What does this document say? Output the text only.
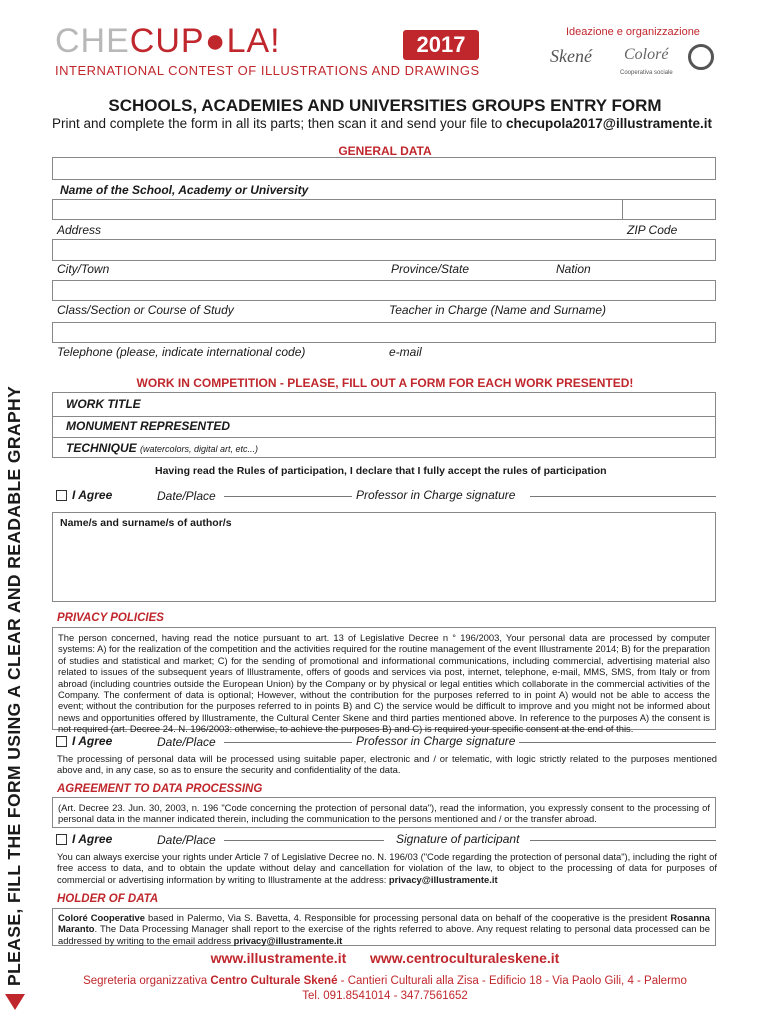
CHECUP●LA!
INTERNATIONAL CONTEST OF ILLUSTRATIONS AND DRAWINGS
2017	Ideazione e organizzazione
Skené Coloré
Cooperativa sociale
SCHOOLS, ACADEMIES AND UNIVERSITIES GROUPS ENTRY FORM
Print and complete the form in all its parts; then scan it and send your file to checupola2017@illustramente.it
PLEASE, FILL THE FORM USING A CLEAR AND READABLE GRAPHY
GENERAL DATA
Name of the School, Academy or University
Address	ZIP Code
City/Town	Province/State	Nation
Class/Section or Course of Study	Teacher in Charge (Name and Surname)
Telephone (please, indicate international code)	e-mail
WORK IN COMPETITION - PLEASE, FILL OUT A FORM FOR EACH WORK PRESENTED!
WORK TITLE
MONUMENT REPRESENTED
TECHNIQUE (watercolors, digital art, etc...)
Having read the Rules of participation, I declare that I fully accept the rules of participation
I Agree	Date/Place	Professor in Charge signature
Name/s and surname/s of author/s
PRIVACY POLICIES
The person concerned, having read the notice pursuant to art. 13 of Legislative Decree n ° 196/2003, Your personal data are processed by computer systems: A) for the realization of the competition and the activities required for the routine management of the event Illustramente 2014; B) for the preparation of studies and statistical and market; C) for the sending of promotional and informational communications, including commercial, advertising material also related to issues of the subsequent years of Illustramente, offers of goods and services via post, internet, telephone, e-mail, MMS, SMS, from Italy or from abroad (including countries outside the European Union) by the Company or by physical or legal entities which collaborate in the commercial activities of the Company. The conferment of data is optional; However, without the contribution for the purposes referred to in point A) would not be able to access the event; without the contribution for the purposes referred to in points B) and C) the service would be difficult to improve and you might not be informed about news and opportunities offered by Illustramente, the Cultural Center Skene and third parties mentioned above. In reference to the purposes A) the consent is not required (art. Decree 24. N. 196/2003: otherwise, to achieve the purposes B) and C) is required your specific consent at the end of this.
I Agree	Date/Place	Professor in Charge signature
The processing of personal data will be processed using suitable paper, electronic and / or telematic, with logic strictly related to the purposes mentioned above and, in any case, so as to ensure the security and confidentiality of the data.
AGREEMENT TO DATA PROCESSING
(Art. Decree 23. Jun. 30, 2003, n. 196 "Code concerning the protection of personal data"), read the information, you expressly consent to the processing of personal data in the manner indicated therein, including the communication to the persons mentioned and / or the transfer abroad.
I Agree	Date/Place	Signature of participant
You can always exercise your rights under Article 7 of Legislative Decree no. N. 196/03 ("Code regarding the protection of personal data"), including the right of free access to data, and to obtain the update without delay and cancellation for violation of the law, to object to the processing of data for purposes of commercial or advertising information by writing to Illustramente at the address: privacy@illustramente.it
HOLDER OF DATA
Coloré Cooperative based in Palermo, Via S. Bavetta, 4. Responsible for processing personal data on behalf of the cooperative is the president Rosanna Maranto. The Data Processing Manager shall report to the exercise of the rights referred to above. Any request relating to personal data processed can be addressed by writing to the email address privacy@illustramente.it
www.illustramente.it www.centroculturaleskene.it
Segreteria organizzativa Centro Culturale Skené - Cantieri Culturali alla Zisa - Edificio 18 - Via Paolo Gili, 4 - Palermo
Tel. 091.8541014 - 347.7561652
